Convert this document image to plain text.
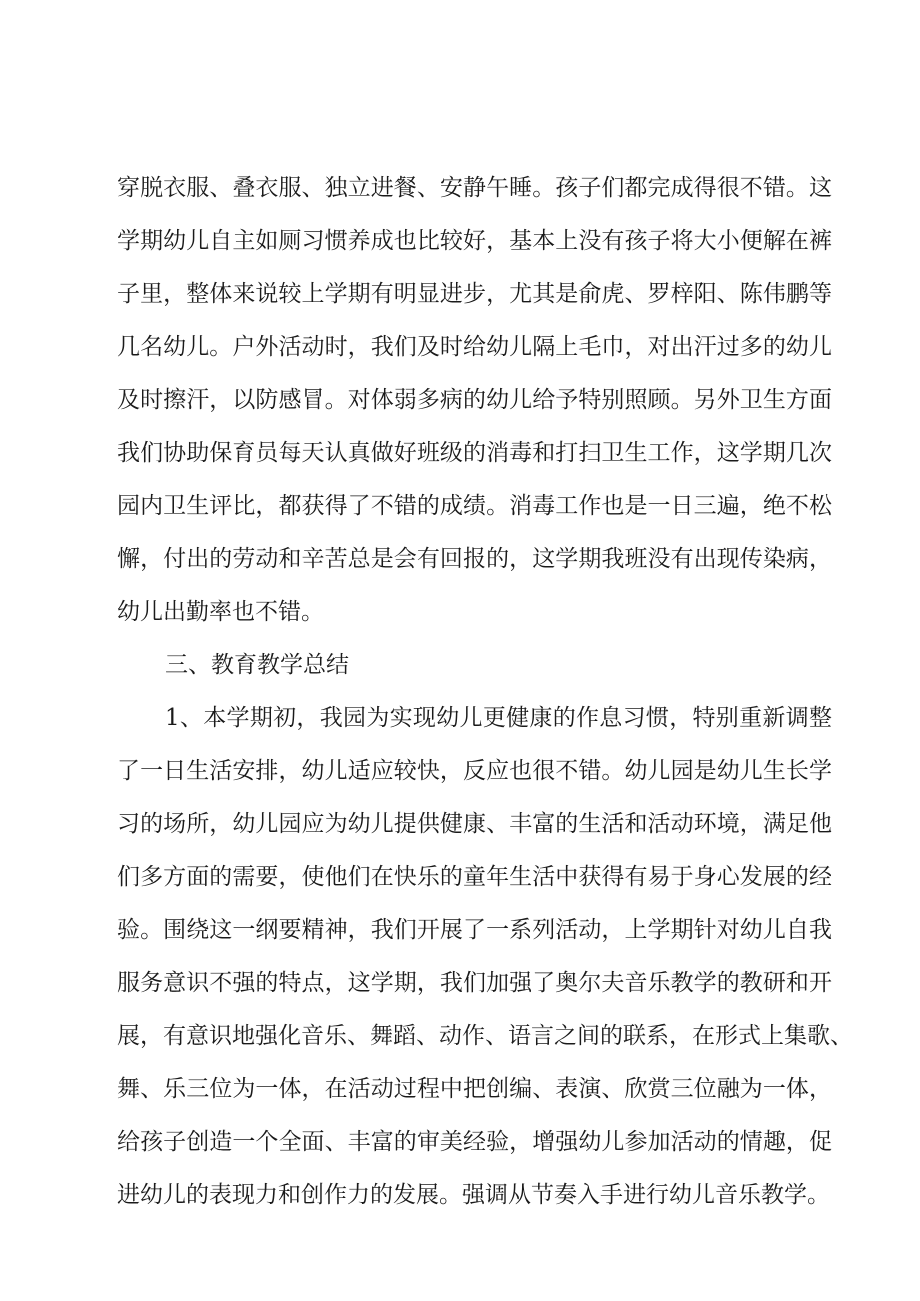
穿脱衣服、叠衣服、独立进餐、安静午睡。孩子们都完成得很不错。这
学期幼儿自主如厕习惯养成也比较好，基本上没有孩子将大小便解在裤
子里，整体来说较上学期有明显进步，尤其是俞虎、罗梓阳、陈伟鹏等
几名幼儿。户外活动时，我们及时给幼儿隔上毛巾，对出汗过多的幼儿
及时擦汗，以防感冒。对体弱多病的幼儿给予特别照顾。另外卫生方面
我们协助保育员每天认真做好班级的消毒和打扫卫生工作，这学期几次
园内卫生评比，都获得了不错的成绩。消毒工作也是一日三遍，绝不松
懈，付出的劳动和辛苦总是会有回报的，这学期我班没有出现传染病，
幼儿出勤率也不错。
三、教育教学总结
1、本学期初，我园为实现幼儿更健康的作息习惯，特别重新调整
了一日生活安排，幼儿适应较快，反应也很不错。幼儿园是幼儿生长学
习的场所，幼儿园应为幼儿提供健康、丰富的生活和活动环境，满足他
们多方面的需要，使他们在快乐的童年生活中获得有易于身心发展的经
验。围绕这一纲要精神，我们开展了一系列活动，上学期针对幼儿自我
服务意识不强的特点，这学期，我们加强了奥尔夫音乐教学的教研和开
展，有意识地强化音乐、舞蹈、动作、语言之间的联系，在形式上集歌、
舞、乐三位为一体，在活动过程中把创编、表演、欣赏三位融为一体，
给孩子创造一个全面、丰富的审美经验，增强幼儿参加活动的情趣，促
进幼儿的表现力和创作力的发展。强调从节奏入手进行幼儿音乐教学。
